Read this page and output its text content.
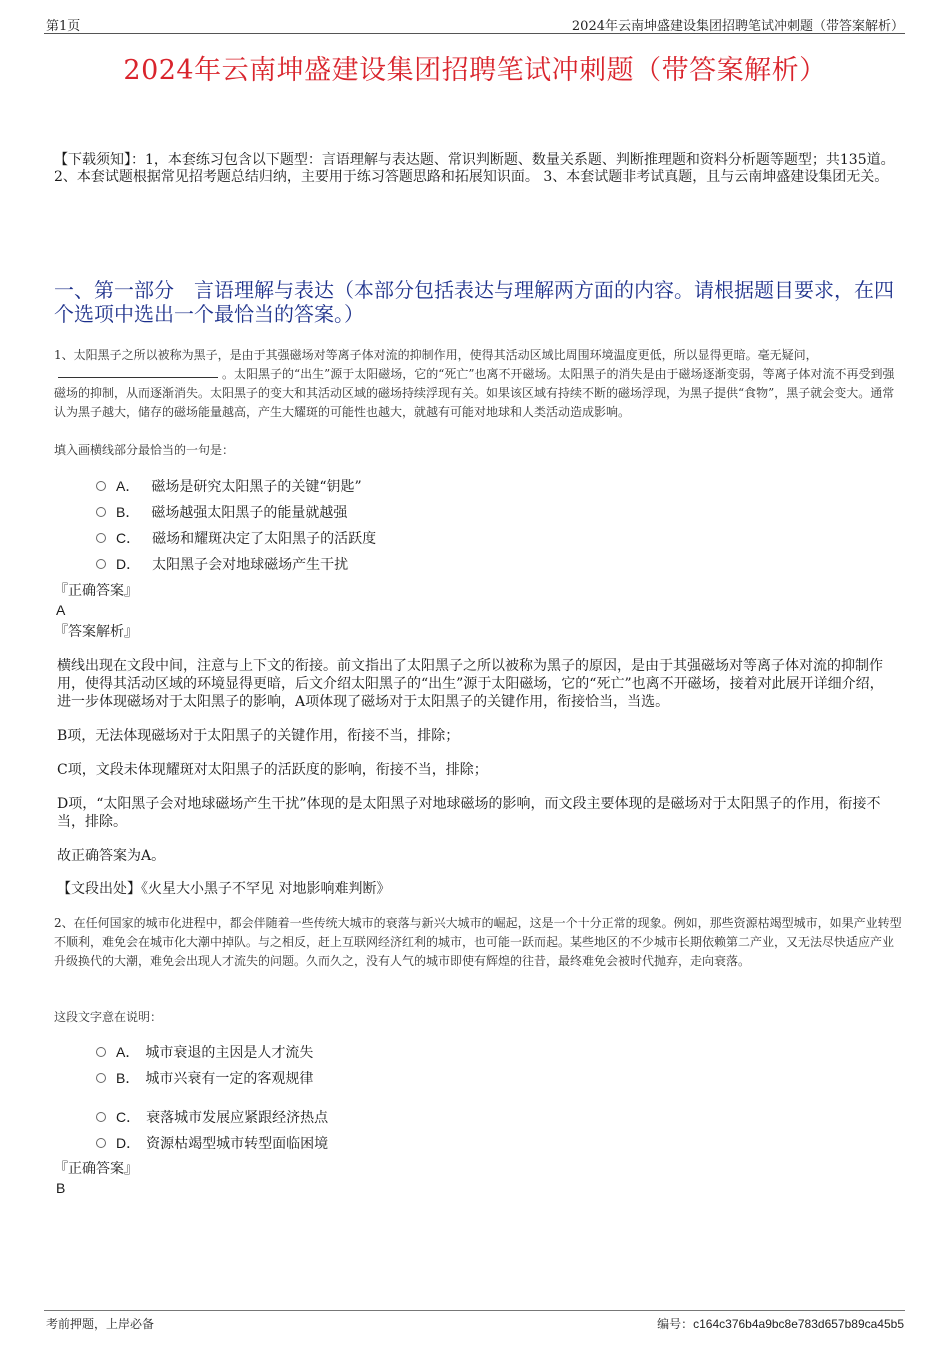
第1页	2024年云南坤盛建设集团招聘笔试冲刺题（带答案解析）
2024年云南坤盛建设集团招聘笔试冲刺题（带答案解析）
【下载须知】：1，本套练习包含以下题型：言语理解与表达题、常识判断题、数量关系题、判断推理题和资料分析题等题型；共135道。 2、本套试题根据常见招考题总结归纳，主要用于练习答题思路和拓展知识面。 3、本套试题非考试真题，且与云南坤盛建设集团无关。
一、第一部分　言语理解与表达（本部分包括表达与理解两方面的内容。请根据题目要求，在四个选项中选出一个最恰当的答案。）
1、太阳黑子之所以被称为黑子，是由于其强磁场对等离子体对流的抑制作用，使得其活动区域比周围环境温度更低，所以显得更暗。毫无疑问，。太阳黑子的“出生”源于太阳磁场，它的“死亡”也离不开磁场。太阳黑子的消失是由于磁场逐渐变弱，等离子体对流不再受到强磁场的抑制，从而逐渐消失。太阳黑子的变大和其活动区域的磁场持续浮现有关。如果该区域有持续不断的磁场浮现，为黑子提供“食物”，黑子就会变大。通常认为黑子越大，储存的磁场能量越高，产生大耀斑的可能性也越大，就越有可能对地球和人类活动造成影响。
填入画横线部分最恰当的一句是：
A． 磁场是研究太阳黑子的关键“钥匙”
B． 磁场越强太阳黑子的能量就越强
C． 磁场和耀斑决定了太阳黑子的活跃度
D． 太阳黑子会对地球磁场产生干扰
『正确答案』
A
『答案解析』
横线出现在文段中间，注意与上下文的衔接。前文指出了太阳黑子之所以被称为黑子的原因，是由于其强磁场对等离子体对流的抑制作用，使得其活动区域的环境显得更暗，后文介绍太阳黑子的“出生”源于太阳磁场，它的“死亡”也离不开磁场，接着对此展开详细介绍，进一步体现磁场对于太阳黑子的影响，A项体现了磁场对于太阳黑子的关键作用，衔接恰当，当选。
B项，无法体现磁场对于太阳黑子的关键作用，衔接不当，排除；
C项，文段未体现耀斑对太阳黑子的活跃度的影响，衔接不当，排除；
D项，“太阳黑子会对地球磁场产生干扰”体现的是太阳黑子对地球磁场的影响，而文段主要体现的是磁场对于太阳黑子的作用，衔接不当，排除。
故正确答案为A。
【文段出处】《火星大小黑子不罕见 对地影响难判断》
2、在任何国家的城市化进程中，都会伴随着一些传统大城市的衰落与新兴大城市的崛起，这是一个十分正常的现象。例如，那些资源枯竭型城市，如果产业转型不顺利，难免会在城市化大潮中掉队。与之相反，赶上互联网经济红利的城市，也可能一跃而起。某些地区的不少城市长期依赖第二产业，又无法尽快适应产业升级换代的大潮，难免会出现人才流失的问题。久而久之，没有人气的城市即使有辉煌的往昔，最终难免会被时代抛弃，走向衰落。
这段文字意在说明：
A． 城市衰退的主因是人才流失
B． 城市兴衰有一定的客观规律
C． 衰落城市发展应紧跟经济热点
D． 资源枯竭型城市转型面临困境
『正确答案』
B
考前押题，上岸必备	编号：c164c376b4a9bc8e783d657b89ca45b5
